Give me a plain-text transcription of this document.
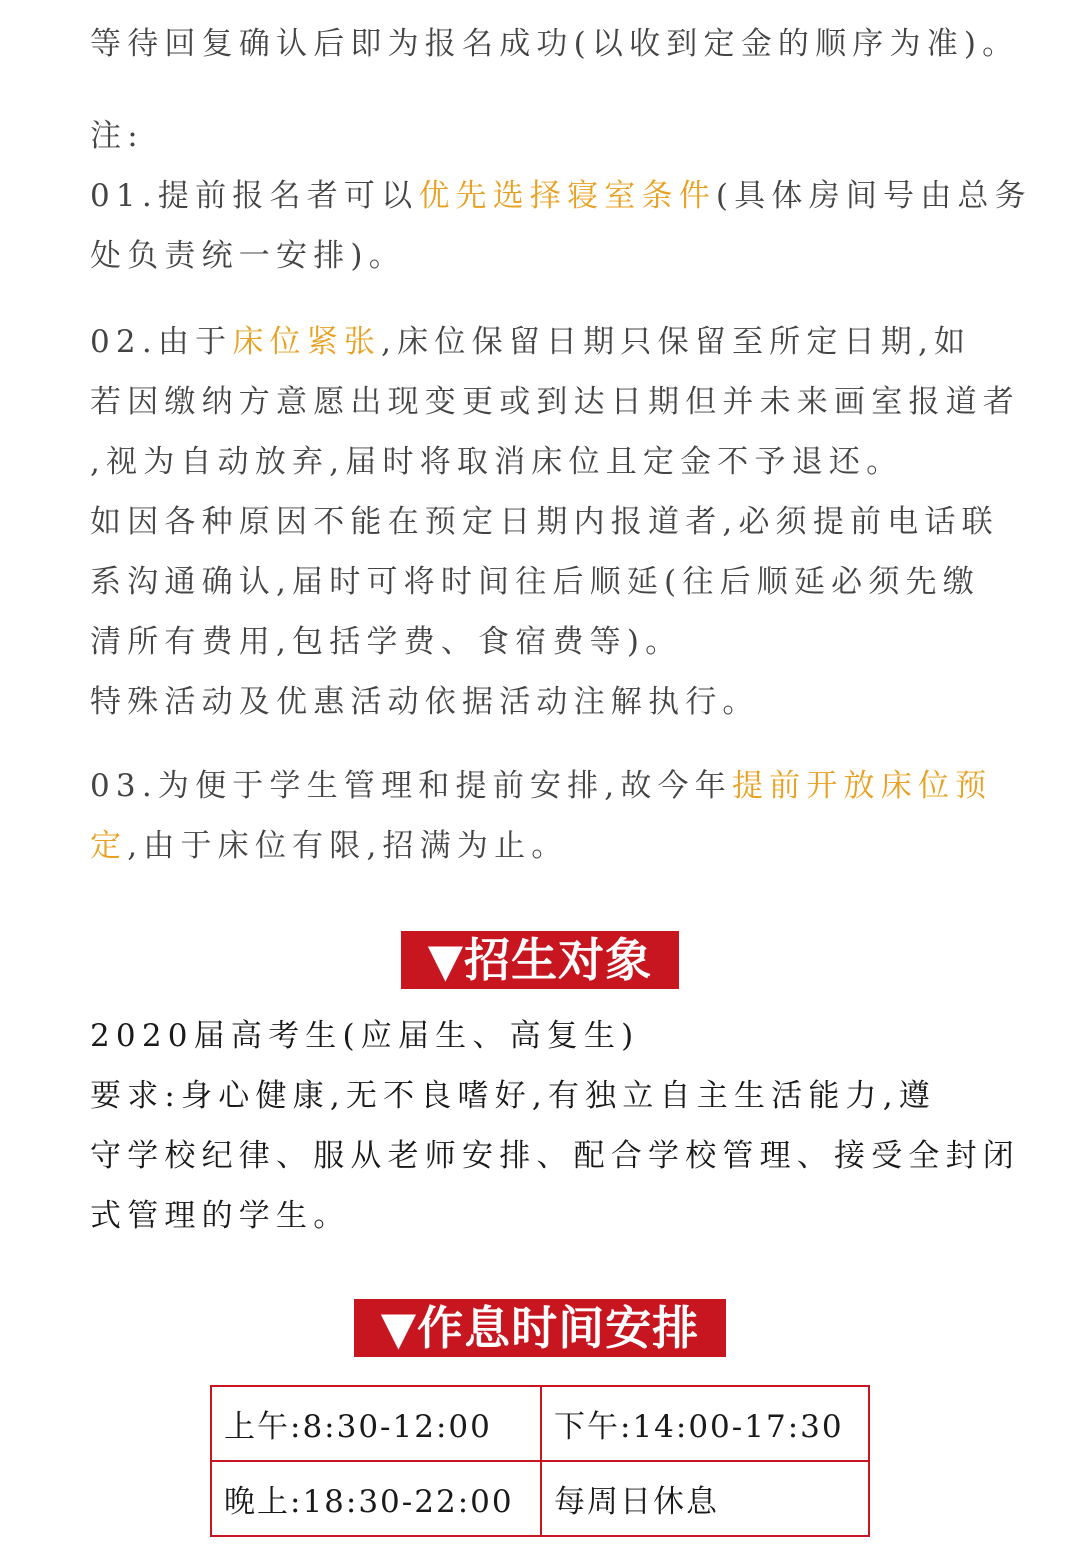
等待回复确认后即为报名成功(以收到定金的顺序为准)。
注:
01.提前报名者可以优先选择寝室条件(具体房间号由总务
处负责统一安排)。
02.由于床位紧张,床位保留日期只保留至所定日期,如
若因缴纳方意愿出现变更或到达日期但并未来画室报道者
,视为自动放弃,届时将取消床位且定金不予退还。
如因各种原因不能在预定日期内报道者,必须提前电话联
系沟通确认,届时可将时间往后顺延(往后顺延必须先缴
清所有费用,包括学费、食宿费等)。
特殊活动及优惠活动依据活动注解执行。
03.为便于学生管理和提前安排,故今年提前开放床位预
定,由于床位有限,招满为止。
▼招生对象
2020届高考生(应届生、高复生)
要求:身心健康,无不良嗜好,有独立自主生活能力,遵
守学校纪律、服从老师安排、配合学校管理、接受全封闭
式管理的学生。
▼作息时间安排
上午:8:30-12:00	下午:14:00-17:30
晚上:18:30-22:00	每周日休息
